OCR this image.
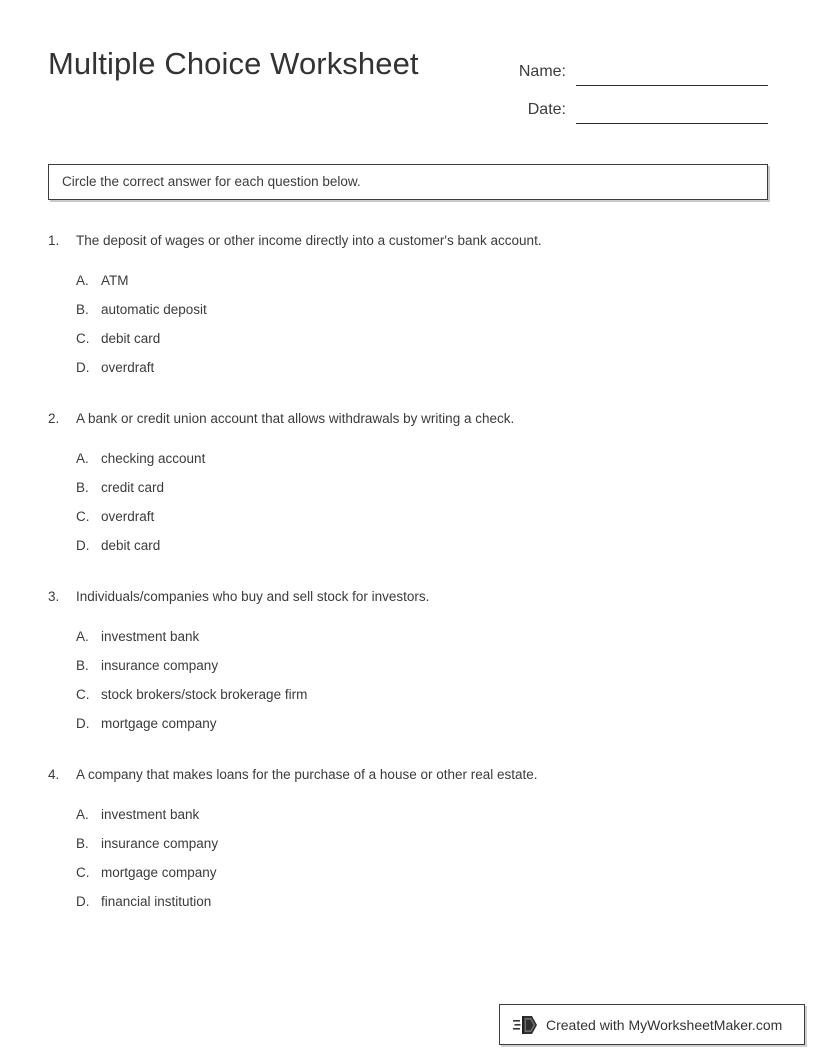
Multiple Choice Worksheet	Name:
Date:
Circle the correct answer for each question below.
1.	The deposit of wages or other income directly into a customer's bank account.
A. ATM
B. automatic deposit
C. debit card
D. overdraft
2.	A bank or credit union account that allows withdrawals by writing a check.
A. checking account
B. credit card
C. overdraft
D. debit card
3.	Individuals/companies who buy and sell stock for investors.
A. investment bank
B. insurance company
C. stock brokers/stock brokerage firm
D. mortgage company
4.	A company that makes loans for the purchase of a house or other real estate.
A. investment bank
B. insurance company
C. mortgage company
D. financial institution
Created with MyWorksheetMaker.com
